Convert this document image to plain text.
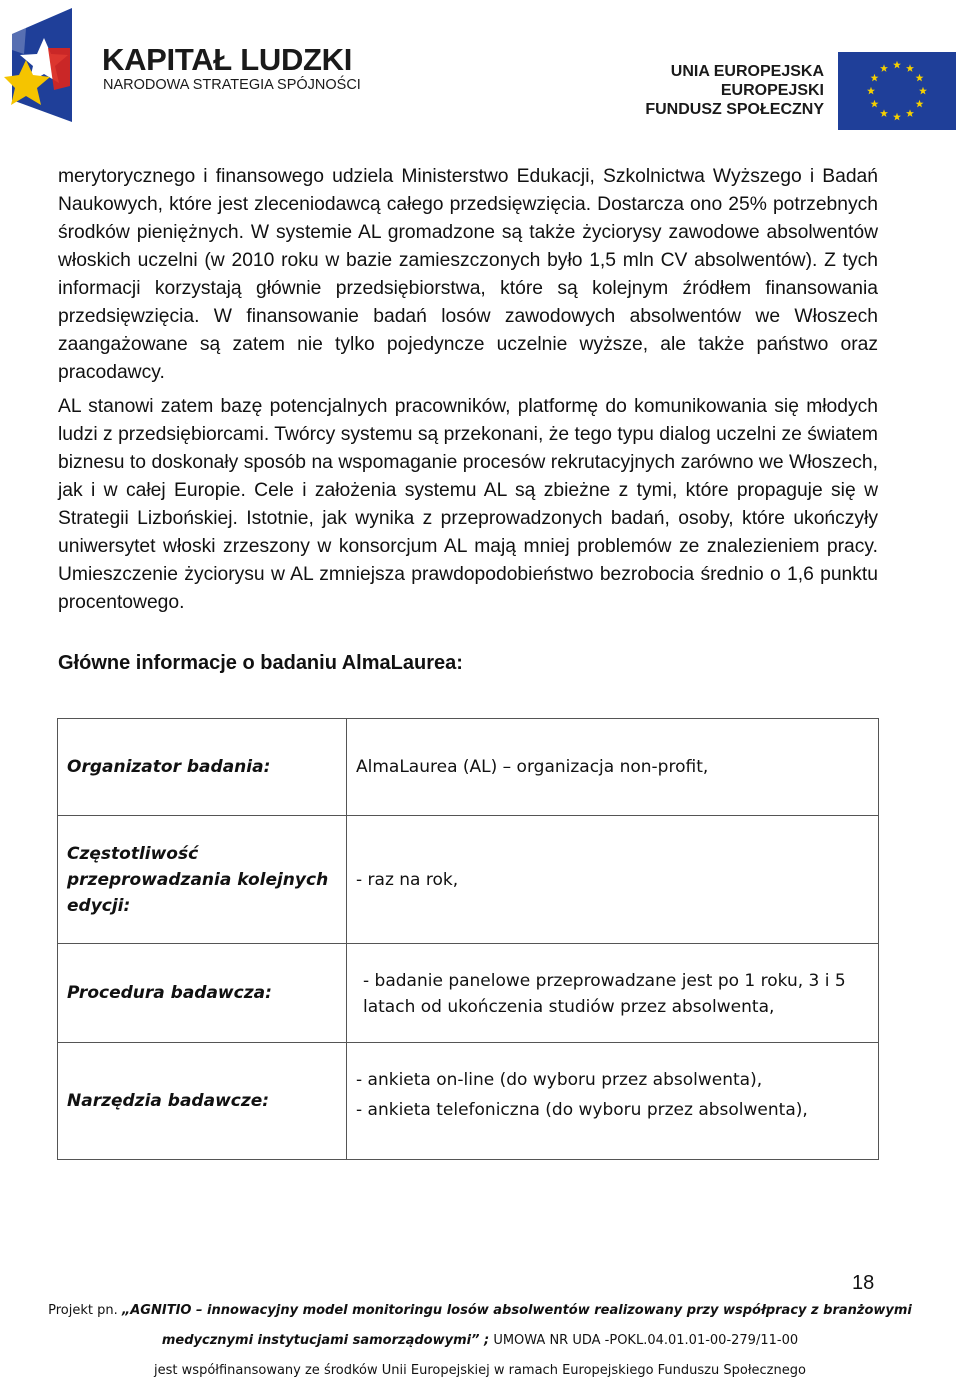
KAPITAŁ LUDZKI
NARODOWA STRATEGIA SPÓJNOŚCI
UNIA EUROPEJSKA
EUROPEJSKI
FUNDUSZ SPOŁECZNY

merytorycznego i finansowego udziela Ministerstwo Edukacji, Szkolnictwa Wyższego i Badań Naukowych, które jest zleceniodawcą całego przedsięwzięcia. Dostarcza ono 25% potrzebnych środków pieniężnych. W systemie AL gromadzone są także życiorysy zawodowe absolwentów włoskich uczelni (w 2010 roku w bazie zamieszczonych było 1,5 mln CV absolwentów). Z tych informacji korzystają głównie przedsiębiorstwa, które są kolejnym źródłem finansowania przedsięwzięcia. W finansowanie badań losów zawodowych absolwentów we Włoszech zaangażowane są zatem nie tylko pojedyncze uczelnie wyższe, ale także państwo oraz pracodawcy.

AL stanowi zatem bazę potencjalnych pracowników, platformę do komunikowania się młodych ludzi z przedsiębiorcami. Twórcy systemu są przekonani, że tego typu dialog uczelni ze światem biznesu to doskonały sposób na wspomaganie procesów rekrutacyjnych zarówno we Włoszech, jak i w całej Europie. Cele i założenia systemu AL są zbieżne z tymi, które propaguje się w Strategii Lizbońskiej. Istotnie, jak wynika z przeprowadzonych badań, osoby, które ukończyły uniwersytet włoski zrzeszony w konsorcjum AL mają mniej problemów ze znalezieniem pracy. Umieszczenie życiorysu w AL zmniejsza prawdopodobieństwo bezrobocia średnio o 1,6 punktu procentowego.

Główne informacje o badaniu AlmaLaurea:
Organizator badania:	AlmaLaurea (AL) – organizacja non-profit,

Częstotliwość przeprowadzania kolejnych edycji:	- raz na rok,

Procedura badawcza:	- badanie panelowe przeprowadzane jest po 1 roku, 3 i 5 latach od ukończenia studiów przez absolwenta,

Narzędzia badawcze:	- ankieta on-line (do wyboru przez absolwenta),
- ankieta telefoniczna (do wyboru przez absolwenta),
18
Projekt pn. „AGNITIO – innowacyjny model monitoringu losów absolwentów realizowany przy współpracy z branżowymi
medycznymi instytucjami samorządowymi” ; UMOWA NR UDA -POKL.04.01.01-00-279/11-00
jest współfinansowany ze środków Unii Europejskiej w ramach Europejskiego Funduszu Społecznego
